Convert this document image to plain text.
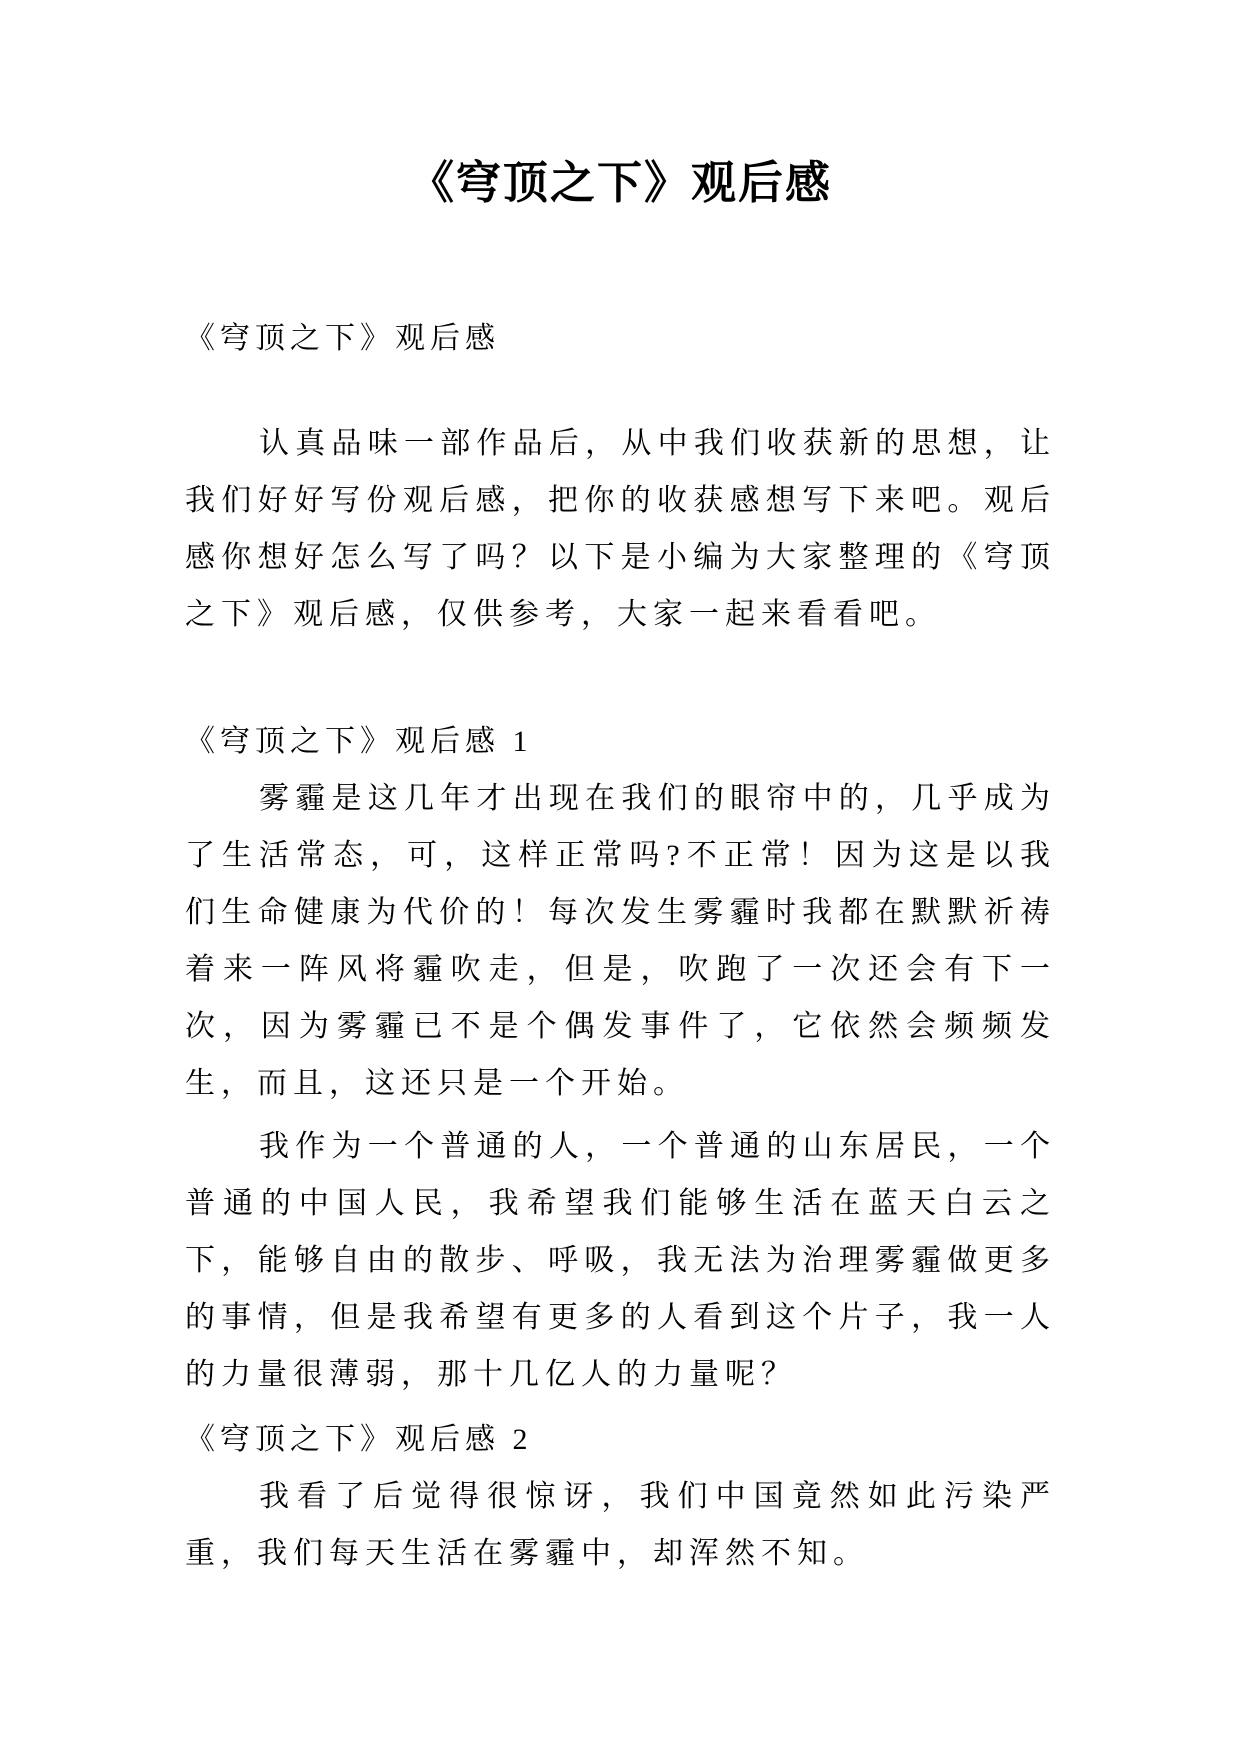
《穹顶之下》观后感

《穹顶之下》观后感

认真品味一部作品后，从中我们收获新的思想，让我们好好写份观后感，把你的收获感想写下来吧。观后感你想好怎么写了吗？以下是小编为大家整理的《穹顶之下》观后感，仅供参考，大家一起来看看吧。

《穹顶之下》观后感 1

雾霾是这几年才出现在我们的眼帘中的，几乎成为了生活常态，可，这样正常吗?不正常！因为这是以我们生命健康为代价的！每次发生雾霾时我都在默默祈祷着来一阵风将霾吹走，但是，吹跑了一次还会有下一次，因为雾霾已不是个偶发事件了，它依然会频频发生，而且，这还只是一个开始。

我作为一个普通的人，一个普通的山东居民，一个普通的中国人民，我希望我们能够生活在蓝天白云之下，能够自由的散步、呼吸，我无法为治理雾霾做更多的事情，但是我希望有更多的人看到这个片子，我一人的力量很薄弱，那十几亿人的力量呢？

《穹顶之下》观后感 2

我看了后觉得很惊讶，我们中国竟然如此污染严重，我们每天生活在雾霾中，却浑然不知。
